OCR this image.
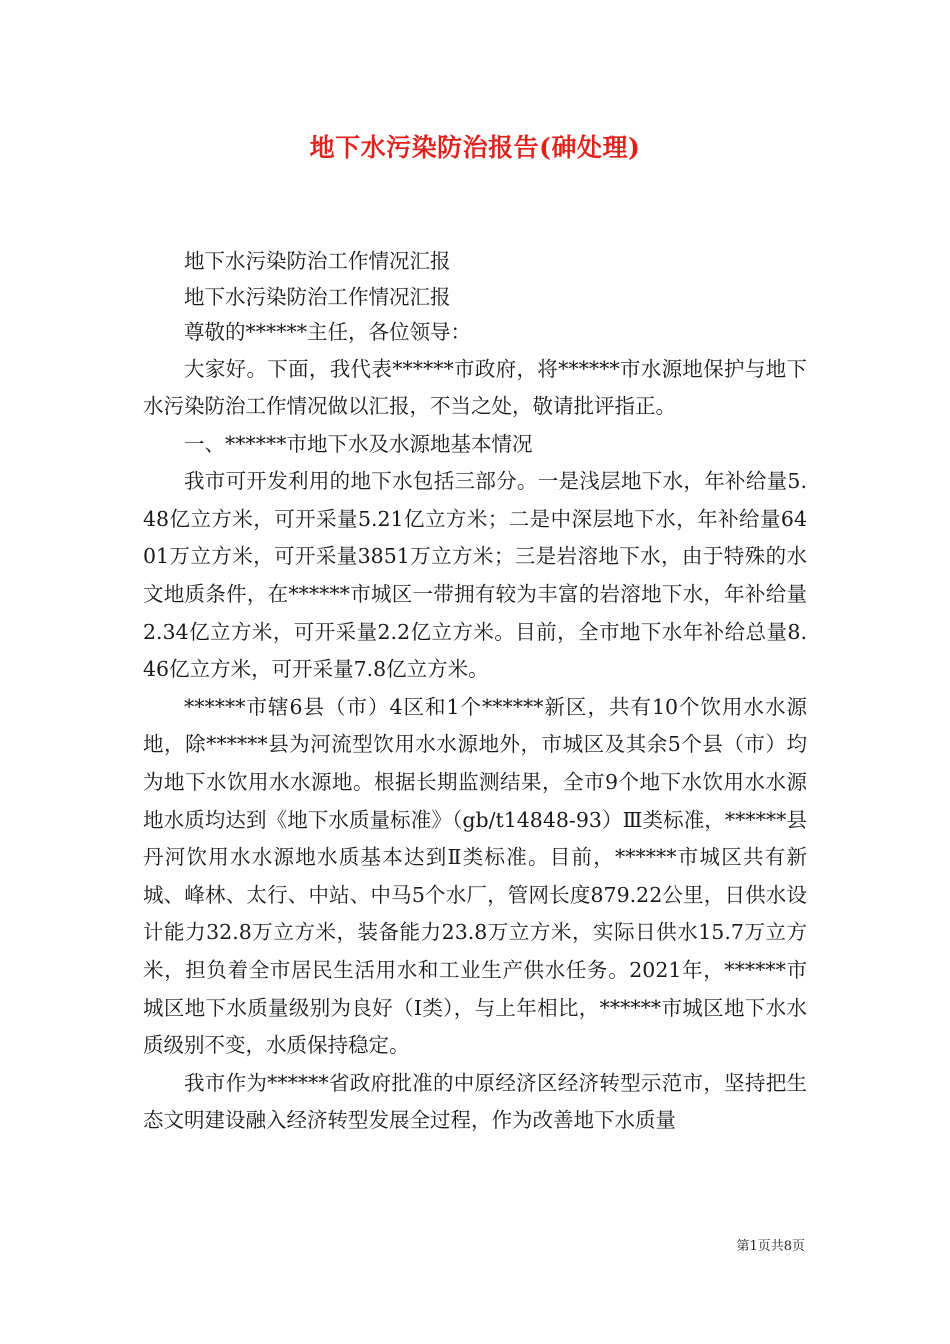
地下水污染防治报告(砷处理)

地下水污染防治工作情况汇报

地下水污染防治工作情况汇报

尊敬的******主任，各位领导：

大家好。下面，我代表******市政府，将******市水源地保护与地下水污染防治工作情况做以汇报，不当之处，敬请批评指正。

一、******市地下水及水源地基本情况

我市可开发利用的地下水包括三部分。一是浅层地下水，年补给量5.48亿立方米，可开采量5.21亿立方米；二是中深层地下水，年补给量6401万立方米，可开采量3851万立方米；三是岩溶地下水，由于特殊的水文地质条件，在******市城区一带拥有较为丰富的岩溶地下水，年补给量2.34亿立方米，可开采量2.2亿立方米。目前，全市地下水年补给总量8.46亿立方米，可开采量7.8亿立方米。

******市辖6县（市）4区和1个******新区，共有10个饮用水水源地，除******县为河流型饮用水水源地外，市城区及其余5个县（市）均为地下水饮用水水源地。根据长期监测结果，全市9个地下水饮用水水源地水质均达到《地下水质量标准》（gb/t14848-93）Ⅲ类标准，******县丹河饮用水水源地水质基本达到Ⅱ类标准。目前，******市城区共有新城、峰林、太行、中站、中马5个水厂，管网长度879.22公里，日供水设计能力32.8万立方米，装备能力23.8万立方米，实际日供水15.7万立方米，担负着全市居民生活用水和工业生产供水任务。2021年，******市城区地下水质量级别为良好（Ⅰ类），与上年相比，******市城区地下水水质级别不变，水质保持稳定。

我市作为******省政府批准的中原经济区经济转型示范市，坚持把生态文明建设融入经济转型发展全过程，作为改善地下水质量

第1页共8页
